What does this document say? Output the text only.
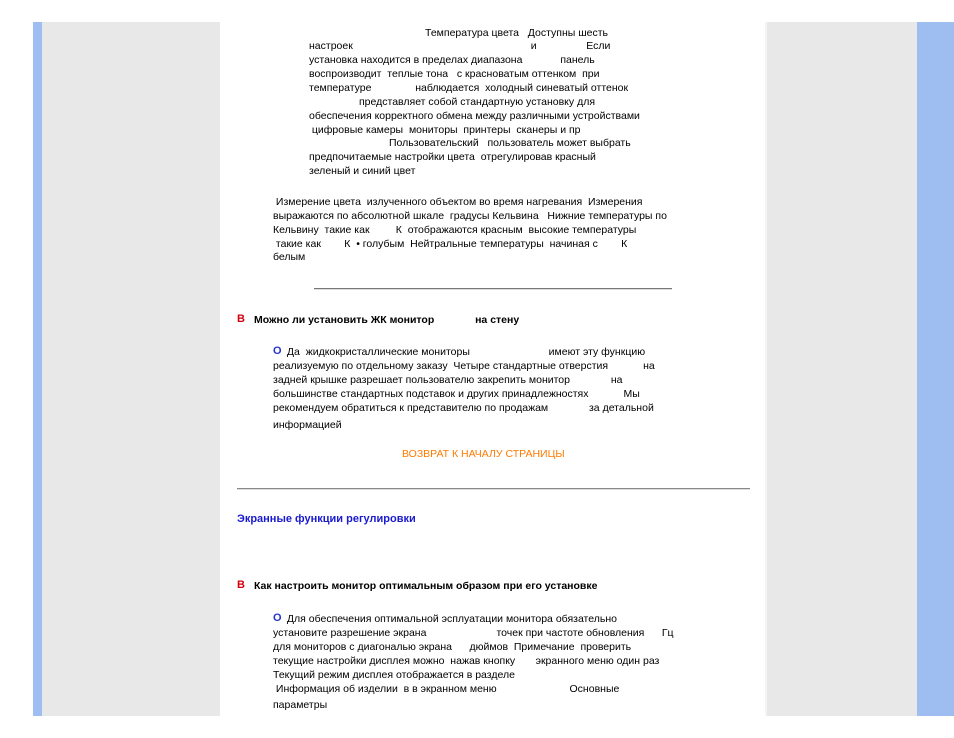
Температура цвета   Доступны шесть
настроек                                                             и                 Если
установка находится в пределах диапазона             панель
воспроизводит  теплые тона   с красноватым оттенком  при
температуре               наблюдается  холодный синеватый оттенок
представляет собой стандартную установку для
обеспечения корректного обмена между различными устройствами
цифровые камеры  мониторы  принтеры  сканеры и пр
Пользовательский   пользователь может выбрать
предпочитаемые настройки цвета  отрегулировав красный
зеленый и синий цвет
Измерение цвета  излученного объектом во время нагревания  Измерения
выражаются по абсолютной шкале  градусы Кельвина   Нижние температуры по
Кельвину  такие как         К  отображаются красным  высокие температуры
такие как        К  • голубым  Нейтральные температуры  начиная с        К
белым
В Можно ли установить ЖК монитор              на стену
О Да  жидкокристаллические мониторы                           имеют эту функцию
реализуемую по отдельному заказу  Четыре стандартные отверстия            на
задней крышке разрешает пользователю закрепить монитор              на
большинстве стандартных подставок и других принадлежностях            Мы
рекомендуем обратиться к представителю по продажам              за детальной
информацией
ВОЗВРАТ К НАЧАЛУ СТРАНИЦЫ
Экранные функции регулировки
В Как настроить монитор оптимальным образом при его установке
О Для обеспечения оптимальной эсплуатации монитора обязательно
установите разрешение экрана                        точек при частоте обновления      Гц
для мониторов с диагональю экрана      дюймов  Примечание  проверить
текущие настройки дисплея можно  нажав кнопку       экранного меню один раз
Текущий режим дисплея отображается в разделе
Информация об изделии  в в экранном меню                         Основные
параметры
